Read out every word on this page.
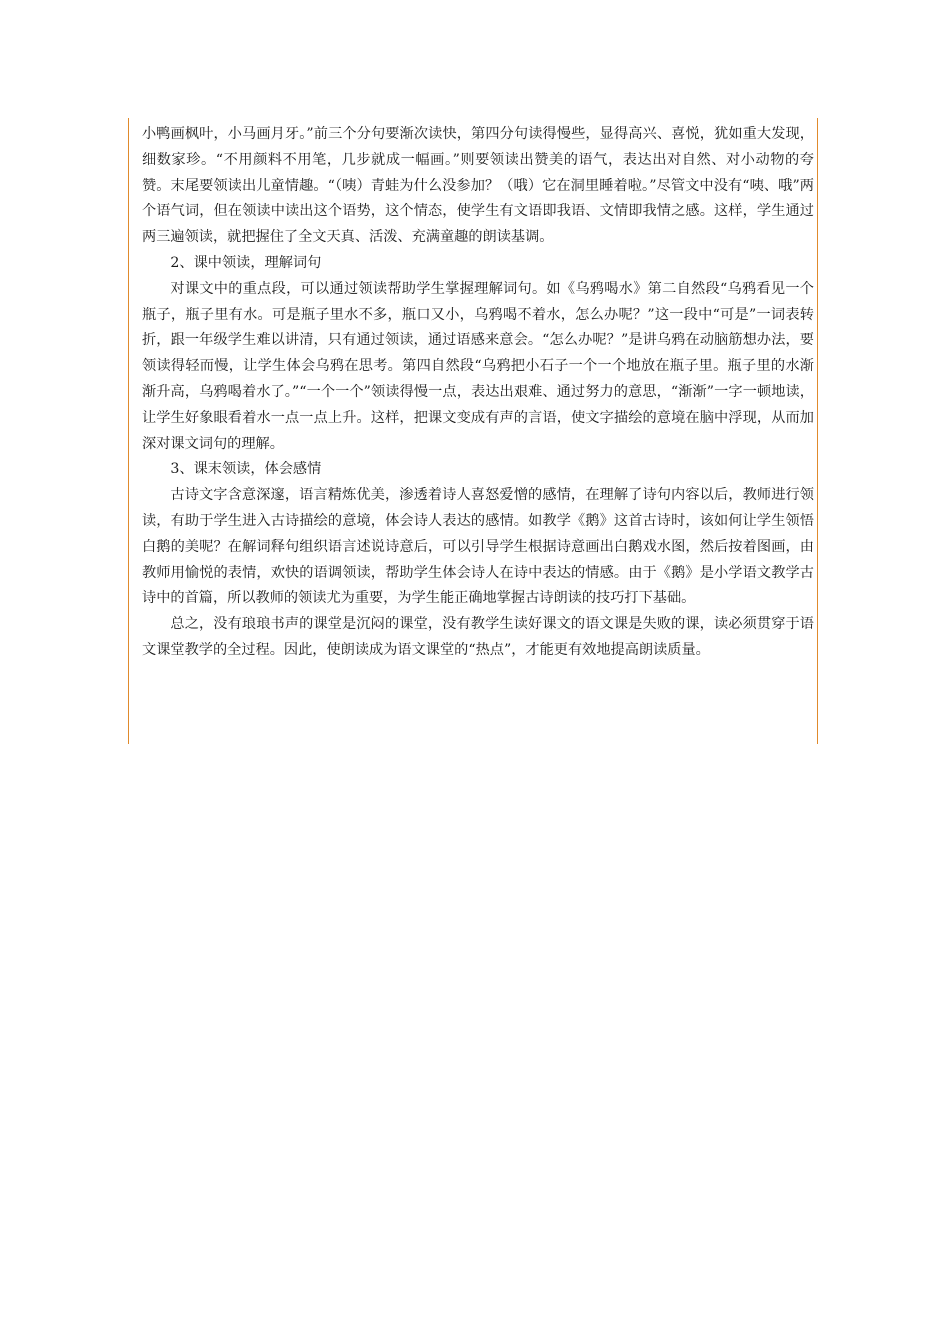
小鸭画枫叶，小马画月牙。”前三个分句要渐次读快，第四分句读得慢些，显得高兴、喜悦，犹如重大发现，细数家珍。“不用颜料不用笔，几步就成一幅画。”则要领读出赞美的语气，表达出对自然、对小动物的夸赞。末尾要领读出儿童情趣。“（咦）青蛙为什么没参加？（哦）它在洞里睡着啦。”尽管文中没有“咦、哦”两个语气词，但在领读中读出这个语势，这个情态，使学生有文语即我语、文情即我情之感。这样，学生通过两三遍领读，就把握住了全文天真、活泼、充满童趣的朗读基调。

2、课中领读，理解词句

对课文中的重点段，可以通过领读帮助学生掌握理解词句。如《乌鸦喝水》第二自然段“乌鸦看见一个瓶子，瓶子里有水。可是瓶子里水不多，瓶口又小，乌鸦喝不着水，怎么办呢？”这一段中“可是”一词表转折，跟一年级学生难以讲清，只有通过领读，通过语感来意会。“怎么办呢？”是讲乌鸦在动脑筋想办法，要领读得轻而慢，让学生体会乌鸦在思考。第四自然段“乌鸦把小石子一个一个地放在瓶子里。瓶子里的水渐渐升高，乌鸦喝着水了。”“一个一个”领读得慢一点，表达出艰难、通过努力的意思，“渐渐”一字一顿地读，让学生好象眼看着水一点一点上升。这样，把课文变成有声的言语，使文字描绘的意境在脑中浮现，从而加深对课文词句的理解。

3、课末领读，体会感情

古诗文字含意深邃，语言精炼优美，渗透着诗人喜怒爱憎的感情，在理解了诗句内容以后，教师进行领读，有助于学生进入古诗描绘的意境，体会诗人表达的感情。如教学《鹅》这首古诗时，该如何让学生领悟白鹅的美呢？在解词释句组织语言述说诗意后，可以引导学生根据诗意画出白鹅戏水图，然后按着图画，由教师用愉悦的表情，欢快的语调领读，帮助学生体会诗人在诗中表达的情感。由于《鹅》是小学语文教学古诗中的首篇，所以教师的领读尤为重要，为学生能正确地掌握古诗朗读的技巧打下基础。

总之，没有琅琅书声的课堂是沉闷的课堂，没有教学生读好课文的语文课是失败的课，读必须贯穿于语文课堂教学的全过程。因此，使朗读成为语文课堂的“热点”，才能更有效地提高朗读质量。
